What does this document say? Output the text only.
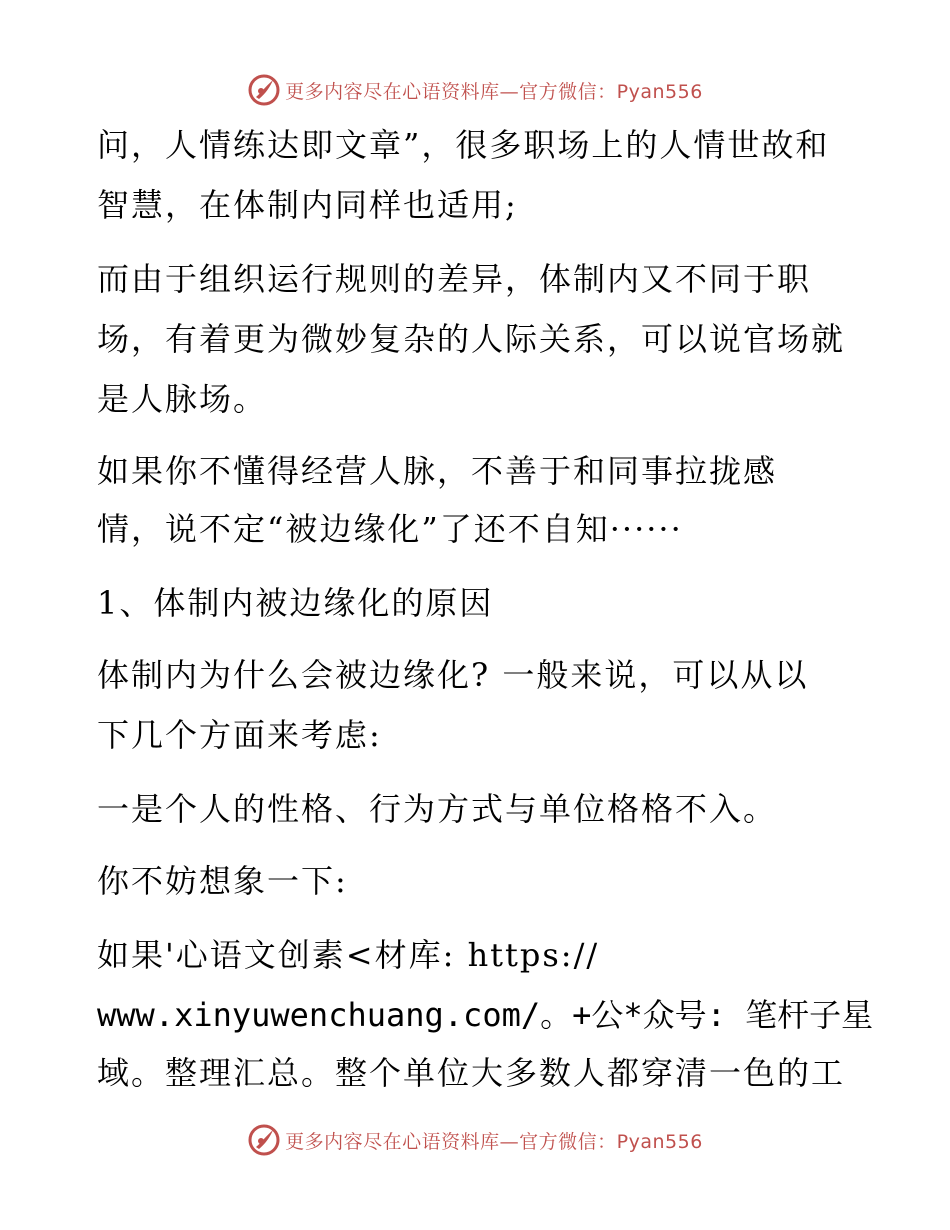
更多内容尽在心语资料库—官方微信：Pyan556
问，人情练达即文章”，很多职场上的人情世故和
智慧，在体制内同样也适用;
而由于组织运行规则的差异，体制内又不同于职
场，有着更为微妙复杂的人际关系，可以说官场就
是人脉场。
如果你不懂得经营人脉，不善于和同事拉拢感
情，说不定“被边缘化”了还不自知······
1、体制内被边缘化的原因
体制内为什么会被边缘化? 一般来说，可以从以
下几个方面来考虑:
一是个人的性格、行为方式与单位格格不入。
你不妨想象一下:
如果'心语文创素<材库: https://
www.xinyuwenchuang.com/。+公*众号: 笔杆子星
域。整理汇总。整个单位大多数人都穿清一色的工
更多内容尽在心语资料库—官方微信：Pyan556
